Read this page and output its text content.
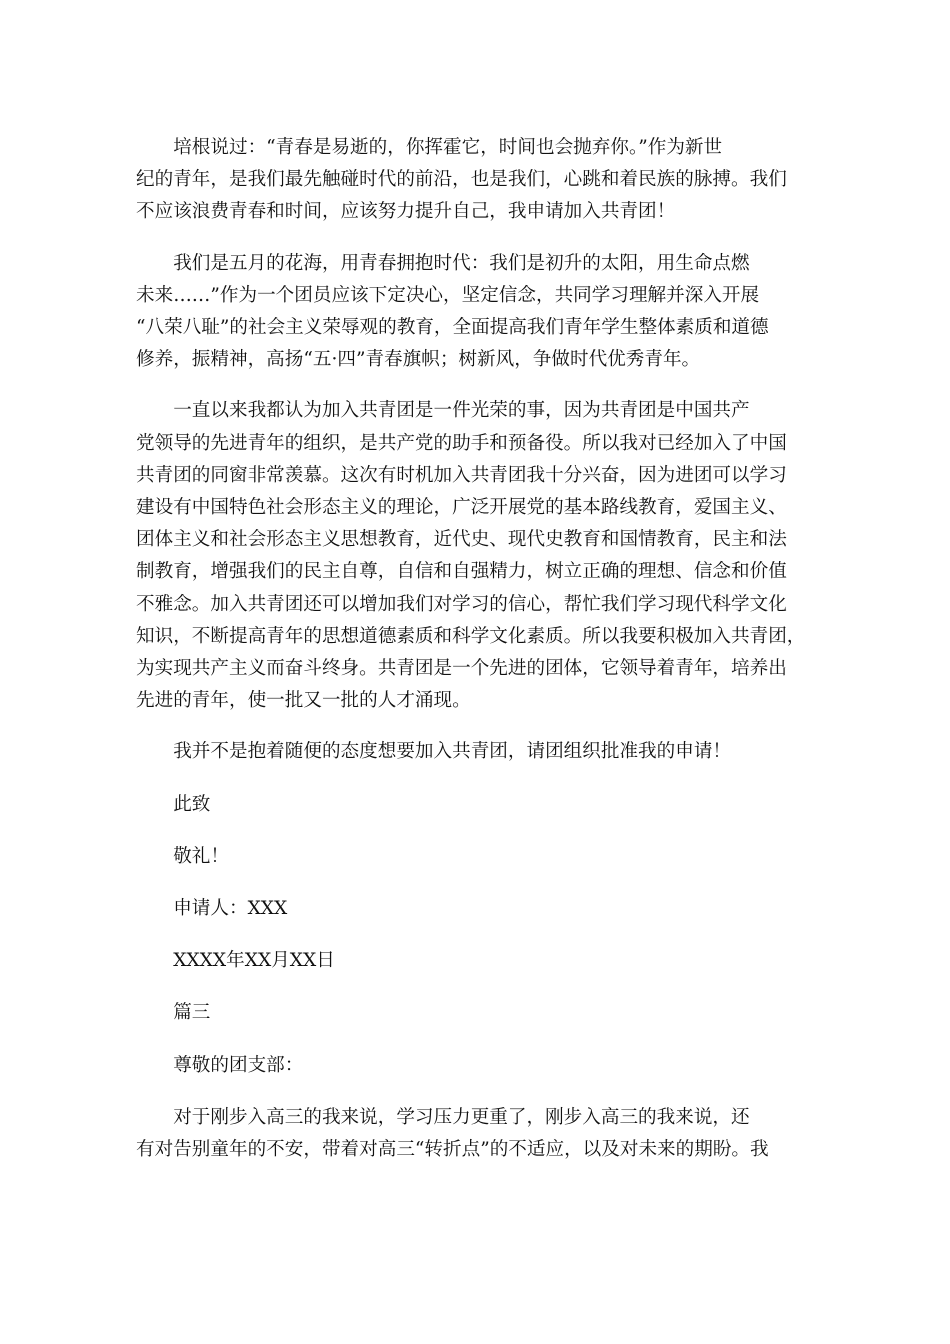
培根说过：“青春是易逝的，你挥霍它，时间也会抛弃你。”作为新世
纪的青年，是我们最先触碰时代的前沿，也是我们，心跳和着民族的脉搏。我们
不应该浪费青春和时间，应该努力提升自己，我申请加入共青团！

我们是五月的花海，用青春拥抱时代：我们是初升的太阳，用生命点燃
未来……”作为一个团员应该下定决心，坚定信念，共同学习理解并深入开展
“八荣八耻”的社会主义荣辱观的教育，全面提高我们青年学生整体素质和道德
修养，振精神，高扬“五·四”青春旗帜；树新风，争做时代优秀青年。

一直以来我都认为加入共青团是一件光荣的事，因为共青团是中国共产
党领导的先进青年的组织，是共产党的助手和预备役。所以我对已经加入了中国
共青团的同窗非常羡慕。这次有时机加入共青团我十分兴奋，因为进团可以学习
建设有中国特色社会形态主义的理论，广泛开展党的基本路线教育，爱国主义、
团体主义和社会形态主义思想教育，近代史、现代史教育和国情教育，民主和法
制教育，增强我们的民主自尊，自信和自强精力，树立正确的理想、信念和价值
不雅念。加入共青团还可以增加我们对学习的信心，帮忙我们学习现代科学文化
知识，不断提高青年的思想道德素质和科学文化素质。所以我要积极加入共青团，
为实现共产主义而奋斗终身。共青团是一个先进的团体，它领导着青年，培养出
先进的青年，使一批又一批的人才涌现。

我并不是抱着随便的态度想要加入共青团，请团组织批准我的申请！

此致

敬礼！

申请人：XXX

XXXX年XX月XX日

篇三

尊敬的团支部：

对于刚步入高三的我来说，学习压力更重了，刚步入高三的我来说，还
有对告别童年的不安，带着对高三“转折点”的不适应，以及对未来的期盼。我
